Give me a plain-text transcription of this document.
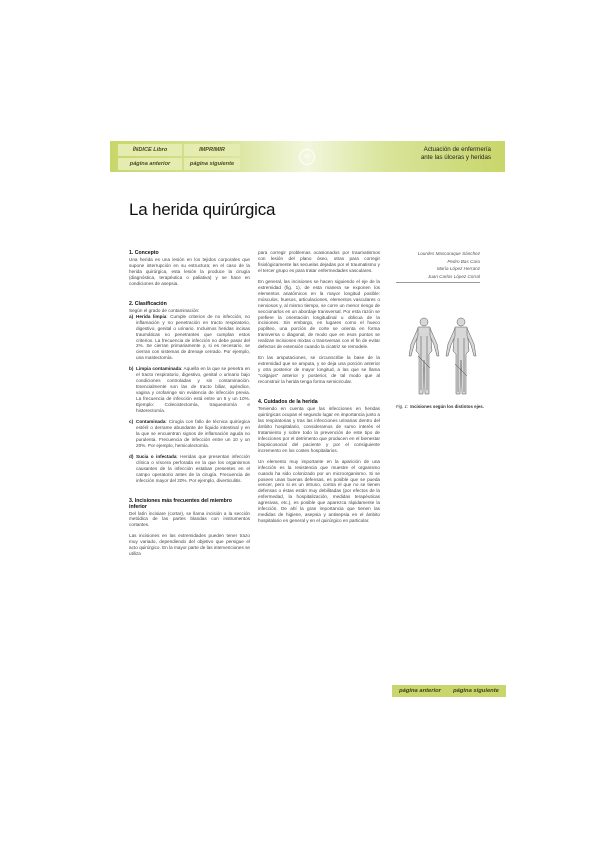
ÍNDICE Libro	IMPRIMIR
página anterior	página siguiente
43
Actuación de enfermería
ante las úlceras y heridas
La herida quirúrgica
1. Concepto

Una herida es una lesión en los tejidos corporales que supone interrupción en su estructura; en el caso de la herida quirúrgica, esta lesión la produce la cirugía (diagnóstica, terapéutica o paliativa) y se hace en condiciones de asepsia.

2. Clasificación

Según el grado de contaminación:

a) Herida limpia: Cumple criterios de no infección, no inflamación y no penetración en tracto respiratorio, digestivo, genital o urinario. Incluimos heridas incisas traumáticas no penetrantes que cumplan estos criterios. La frecuencia de infección no debe pasar del 2%. Se cierran primariamente y, si es necesario, se cierran con sistemas de drenaje cerrado. Por ejemplo, una mastectomía.
b) Limpia contaminada: Aquella en la que se penetra en el tracto respiratorio, digestivo, genital o urinario bajo condiciones controladas y sin contaminación. Esencialmente son las de tracto biliar, apéndice, vagina y orofaringe sin evidencia de infección previa. La frecuencia de infección está entre un 5 y un 10%. Ejemplo: Colecistectomía, traqueotomía e histerectomía.
c) Contaminada: Cirugía con fallo de técnica quirúrgica estéril o derrame abundante de líquido intestinal y en la que se encuentran signos de inflamación aguda no purulenta. Frecuencia de infección entre un 10 y un 20%. Por ejemplo, hemicolectomía.
d) Sucia o infectada: Heridas que presentan infección clínica o víscera perforada en la que los organismos causantes de la infección estaban presentes en el campo operatorio antes de la cirugía. Frecuencia de infección mayor del 20%. Por ejemplo, diverticulitis.
3. Incisiones más frecuentes del miembro inferior

Del latín incisiare (cortar), se llama incisión a la sección metódica de las partes blandas con instrumentos cortantes.

Las incisiones en las extremidades pueden tener trazo muy variado, dependiendo del objetivo que persigue el acto quirúrgico. En la mayor parte de las intervenciones se utiliza

para corregir problemas ocasionados por traumatismos con lesión del plano óseo, otras para corregir fisiológicamente las secuelas dejadas por el traumatismo y el tercer grupo es para tratar enfermedades vasculares.

En general, las incisiones se hacen siguiendo el eje de la extremidad (fig. 1), de esta manera se exponen los elementos anatómicos en la mayor longitud posible: músculos, huesos, articulaciones, elementos vasculares o nerviosos y, al mismo tiempo, se corre un menor riesgo de seccionarlos en un abordaje transversal. Por esta razón se prefiere la orientación longitudinal u oblicua de la incisiones. Sin embargo, en lugares como el hueco poplíteo, una porción de corte se orienta en forma transversa o diagonal, de modo que en esos puntos se realizan incisiones mixtas o transversas con el fin de evitar defectos de extensión cuando la cicatriz se remodele.

En las amputaciones, se circunscribe la base de la extremidad que se amputa, y se deja una porción anterior y otra posterior de mayor longitud, a las que se llama "colgajos" anterior y posterior, de tal modo que al reconstruir la herida tenga forma semicircular.

4. Cuidados de la herida

Teniendo en cuenta que las infecciones en heridas quirúrgicas ocupan el segundo lugar en importancia junto a las respiratorias y tras las infecciones urinarias dentro del ámbito hospitalario, consideramos de sumo interés el tratamiento y sobre todo la prevención de este tipo de infecciones por el detrimento que producen en el bienestar biopsicosocial del paciente y por el consiguiente incremento en los costes hospitalarios.

Un elemento muy importante en la aparición de una infección es la resistencia que muestre el organismo cuando ha sido colonizado por un microorganismo. Si se poseen unas buenas defensas, es posible que se pueda vencer, pero si es un intruso, contra el que no se tienen defensas o éstas están muy debilitadas (por efectos de la enfermedad, la hospitalización, medidas terapéuticas agresivas, etc.), es posible que aparezca rápidamente la infección. De ahí la gran importancia que tienen las medidas de higiene, asepsia y antisepsia en el ámbito hospitalario en general y en el quirúrgico en particular.

Lourdes Mascaraque Sánchez
Pedro Bas Caro
María López Herranz
Juan Carlos López Corral
Fig. 1: Incisiones según los distintos ejes.
página anterior	página siguiente
